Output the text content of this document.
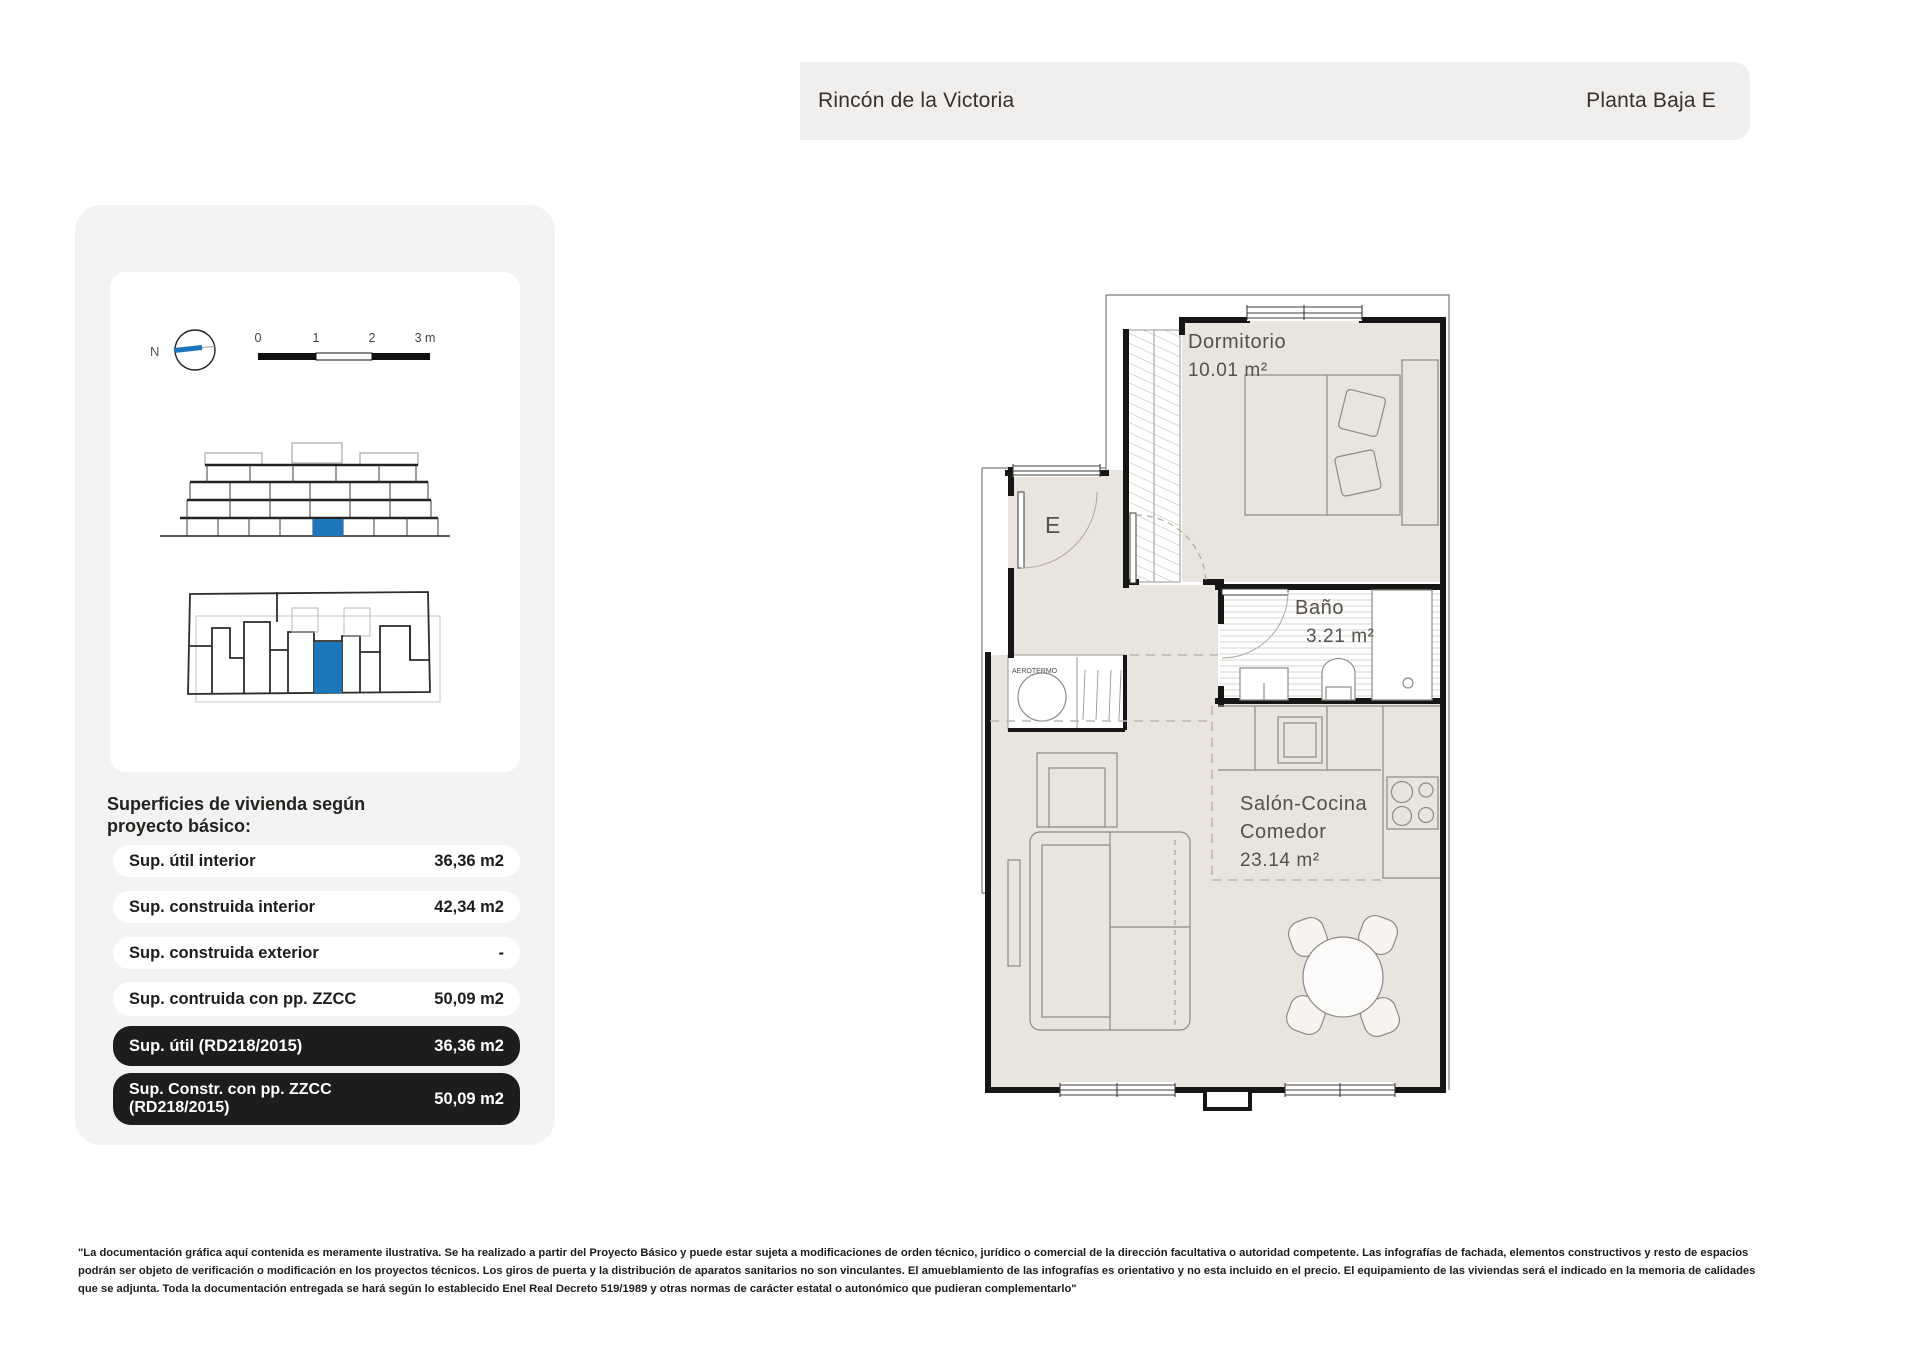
Rincón de la Victoria	Planta Baja E
N
0	1	2	3 m
Superficies de vivienda según
proyecto básico:
Sup. útil interior	36,36 m2
Sup. construida interior	42,34 m2
Sup. construida exterior	-
Sup. contruida con pp. ZZCC	50,09 m2
Sup. útil (RD218/2015)	36,36 m2
Sup. Constr. con pp. ZZCC
(RD218/2015)	50,09 m2
AEROTERMO
Dormitorio
10.01 m²
Baño
3.21 m²
Salón-Cocina
Comedor
23.14 m²
E
"La documentación gráfica aquí contenida es meramente ilustrativa. Se ha realizado a partir del Proyecto Básico y puede estar sujeta a modificaciones de orden técnico, jurídico o comercial de la dirección facultativa o autoridad competente. Las infografías de fachada, elementos constructivos y resto de espacios
podrán ser objeto de verificación o modificación en los proyectos técnicos. Los giros de puerta y la distribución de aparatos sanitarios no son vinculantes. El amueblamiento de las infografías es orientativo y no esta incluido en el precio. El equipamiento de las viviendas será el indicado en la memoria de calidades
que se adjunta. Toda la documentación entregada se hará según lo establecido Enel Real Decreto 519/1989 y otras normas de carácter estatal o autonómico que pudieran complementarlo"
